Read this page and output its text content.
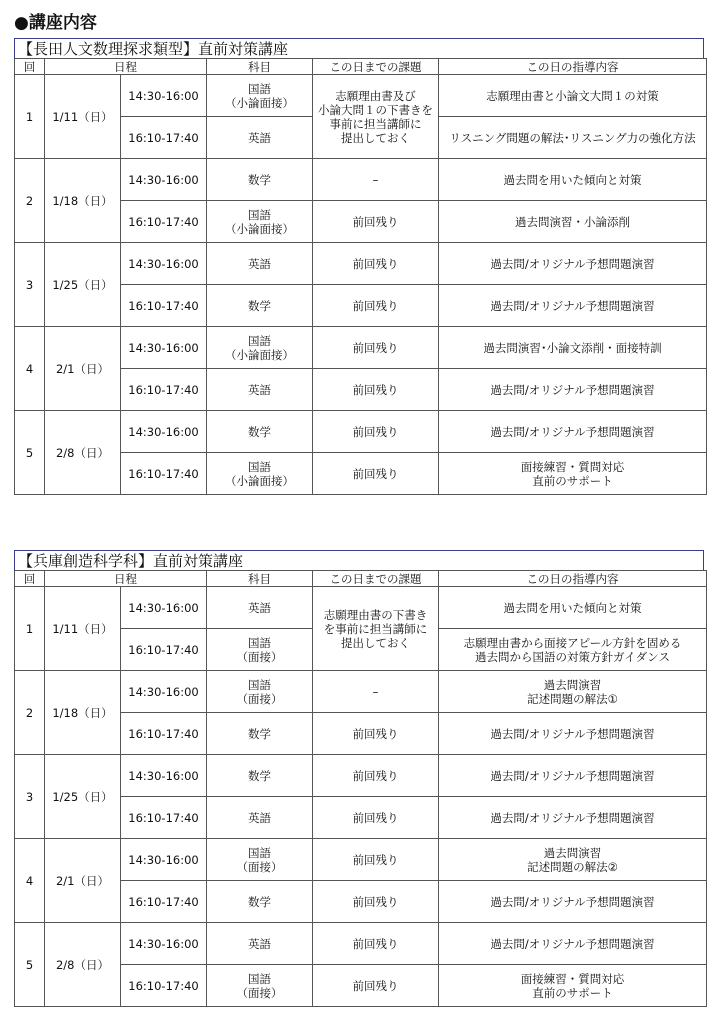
●講座内容
【長田人文数理探求類型】直前対策講座
回	日程		科目	この日までの課題	この日の指導内容
1	1/11（日）	14:30-16:00	国語
（小論面接）	志願理由書及び
小論大問１の下書きを
事前に担当講師に
提出しておく	志願理由書と小論文大問１の対策
		16:10-17:40	英語		リスニング問題の解法･リスニング力の強化方法
2	1/18（日）	14:30-16:00	数学	–	過去問を用いた傾向と対策
		16:10-17:40	国語
（小論面接）	前回残り	過去問演習・小論添削
3	1/25（日）	14:30-16:00	英語	前回残り	過去問/オリジナル予想問題演習
		16:10-17:40	数学	前回残り	過去問/オリジナル予想問題演習
4	2/1（日）	14:30-16:00	国語
（小論面接）	前回残り	過去問演習･小論文添削・面接特訓
		16:10-17:40	英語	前回残り	過去問/オリジナル予想問題演習
5	2/8（日）	14:30-16:00	数学	前回残り	過去問/オリジナル予想問題演習
		16:10-17:40	国語
（小論面接）	前回残り	面接練習・質問対応
直前のサポート
【兵庫創造科学科】直前対策講座
回	日程		科目	この日までの課題	この日の指導内容
1	1/11（日）	14:30-16:00	英語	志願理由書の下書き
を事前に担当講師に
提出しておく	過去問を用いた傾向と対策
		16:10-17:40	国語
（面接）		志願理由書から面接アピール方針を固める
過去問から国語の対策方針ガイダンス
2	1/18（日）	14:30-16:00	国語
（面接）	–	過去問演習
記述問題の解法①
		16:10-17:40	数学	前回残り	過去問/オリジナル予想問題演習
3	1/25（日）	14:30-16:00	数学	前回残り	過去問/オリジナル予想問題演習
		16:10-17:40	英語	前回残り	過去問/オリジナル予想問題演習
4	2/1（日）	14:30-16:00	国語
（面接）	前回残り	過去問演習
記述問題の解法②
		16:10-17:40	数学	前回残り	過去問/オリジナル予想問題演習
5	2/8（日）	14:30-16:00	英語	前回残り	過去問/オリジナル予想問題演習
		16:10-17:40	国語
（面接）	前回残り	面接練習・質問対応
直前のサポート
